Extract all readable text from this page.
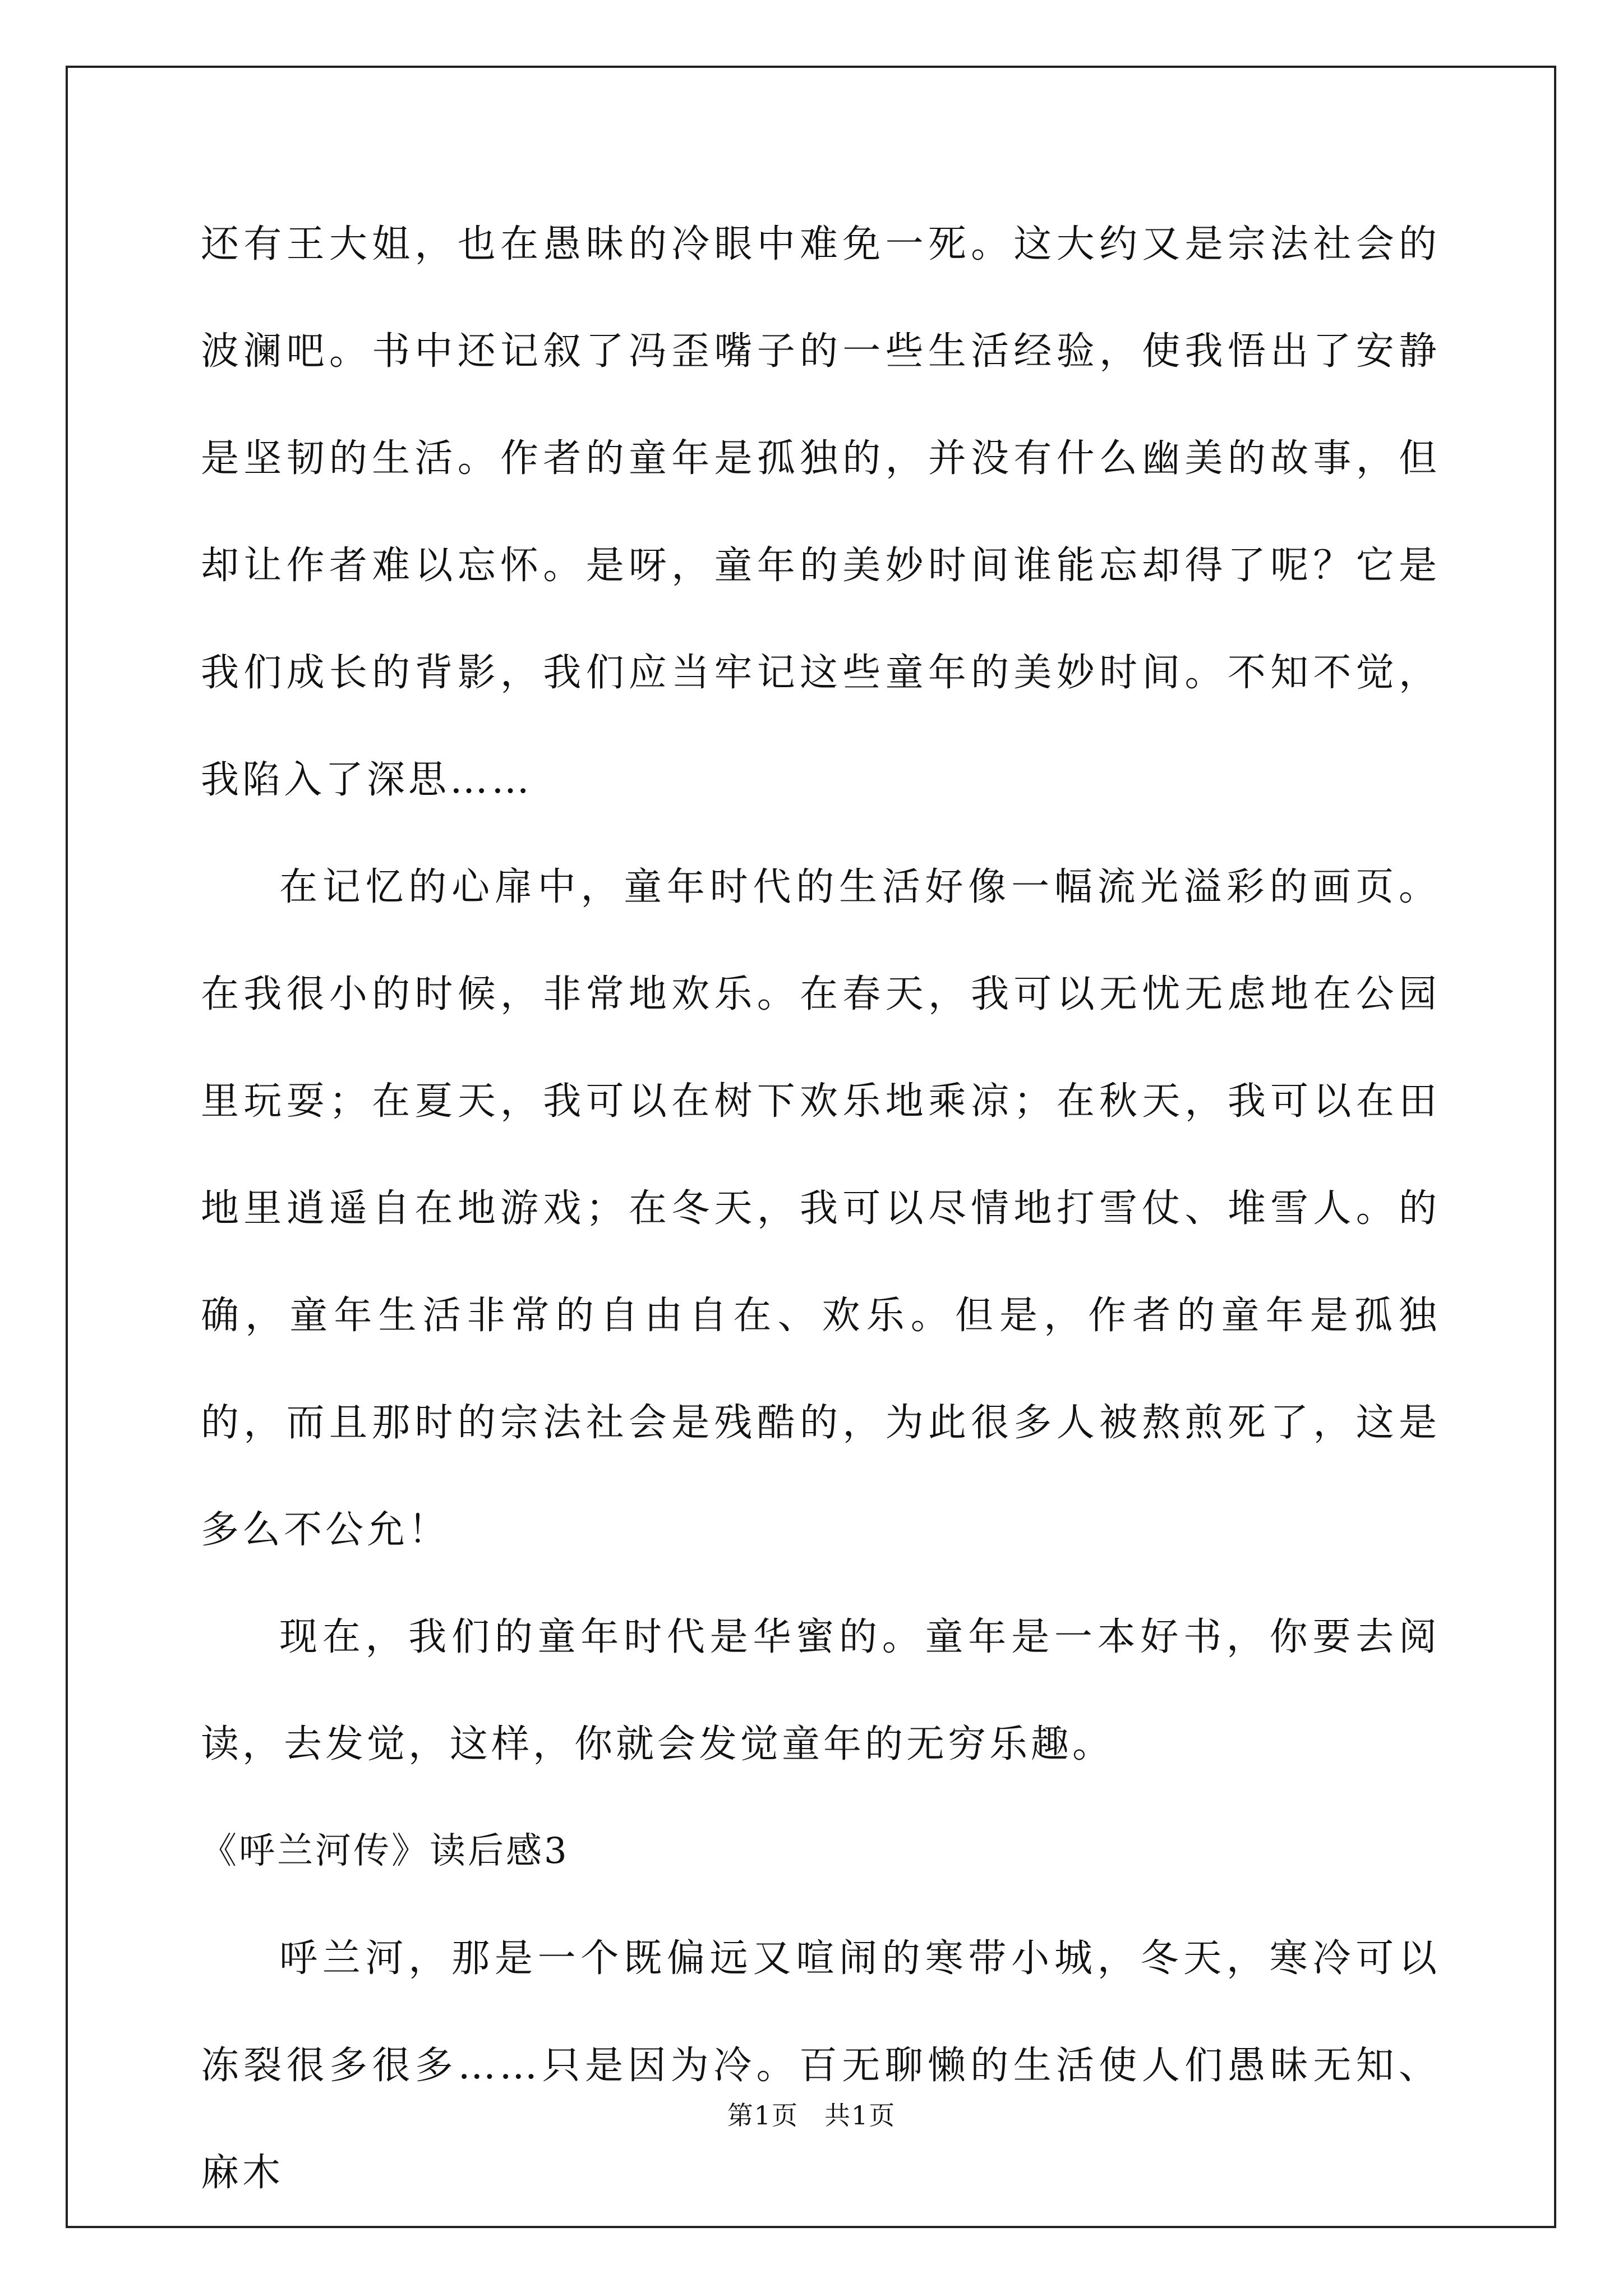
还有王大姐，也在愚昧的冷眼中难免一死。这大约又是宗法社会的波澜吧。书中还记叙了冯歪嘴子的一些生活经验，使我悟出了安静是坚韧的生活。作者的童年是孤独的，并没有什么幽美的故事，但却让作者难以忘怀。是呀，童年的美妙时间谁能忘却得了呢？它是我们成长的背影，我们应当牢记这些童年的美妙时间。不知不觉，我陷入了深思……

在记忆的心扉中，童年时代的生活好像一幅流光溢彩的画页。在我很小的时候，非常地欢乐。在春天，我可以无忧无虑地在公园里玩耍；在夏天，我可以在树下欢乐地乘凉；在秋天，我可以在田地里逍遥自在地游戏；在冬天，我可以尽情地打雪仗、堆雪人。的确，童年生活非常的自由自在、欢乐。但是，作者的童年是孤独的，而且那时的宗法社会是残酷的，为此很多人被熬煎死了，这是多么不公允！

现在，我们的童年时代是华蜜的。童年是一本好书，你要去阅读，去发觉，这样，你就会发觉童年的无穷乐趣。

《呼兰河传》读后感3

呼兰河，那是一个既偏远又喧闹的寒带小城，冬天，寒冷可以冻裂很多很多……只是因为冷。百无聊懒的生活使人们愚昧无知、麻木

第1页 共1页
